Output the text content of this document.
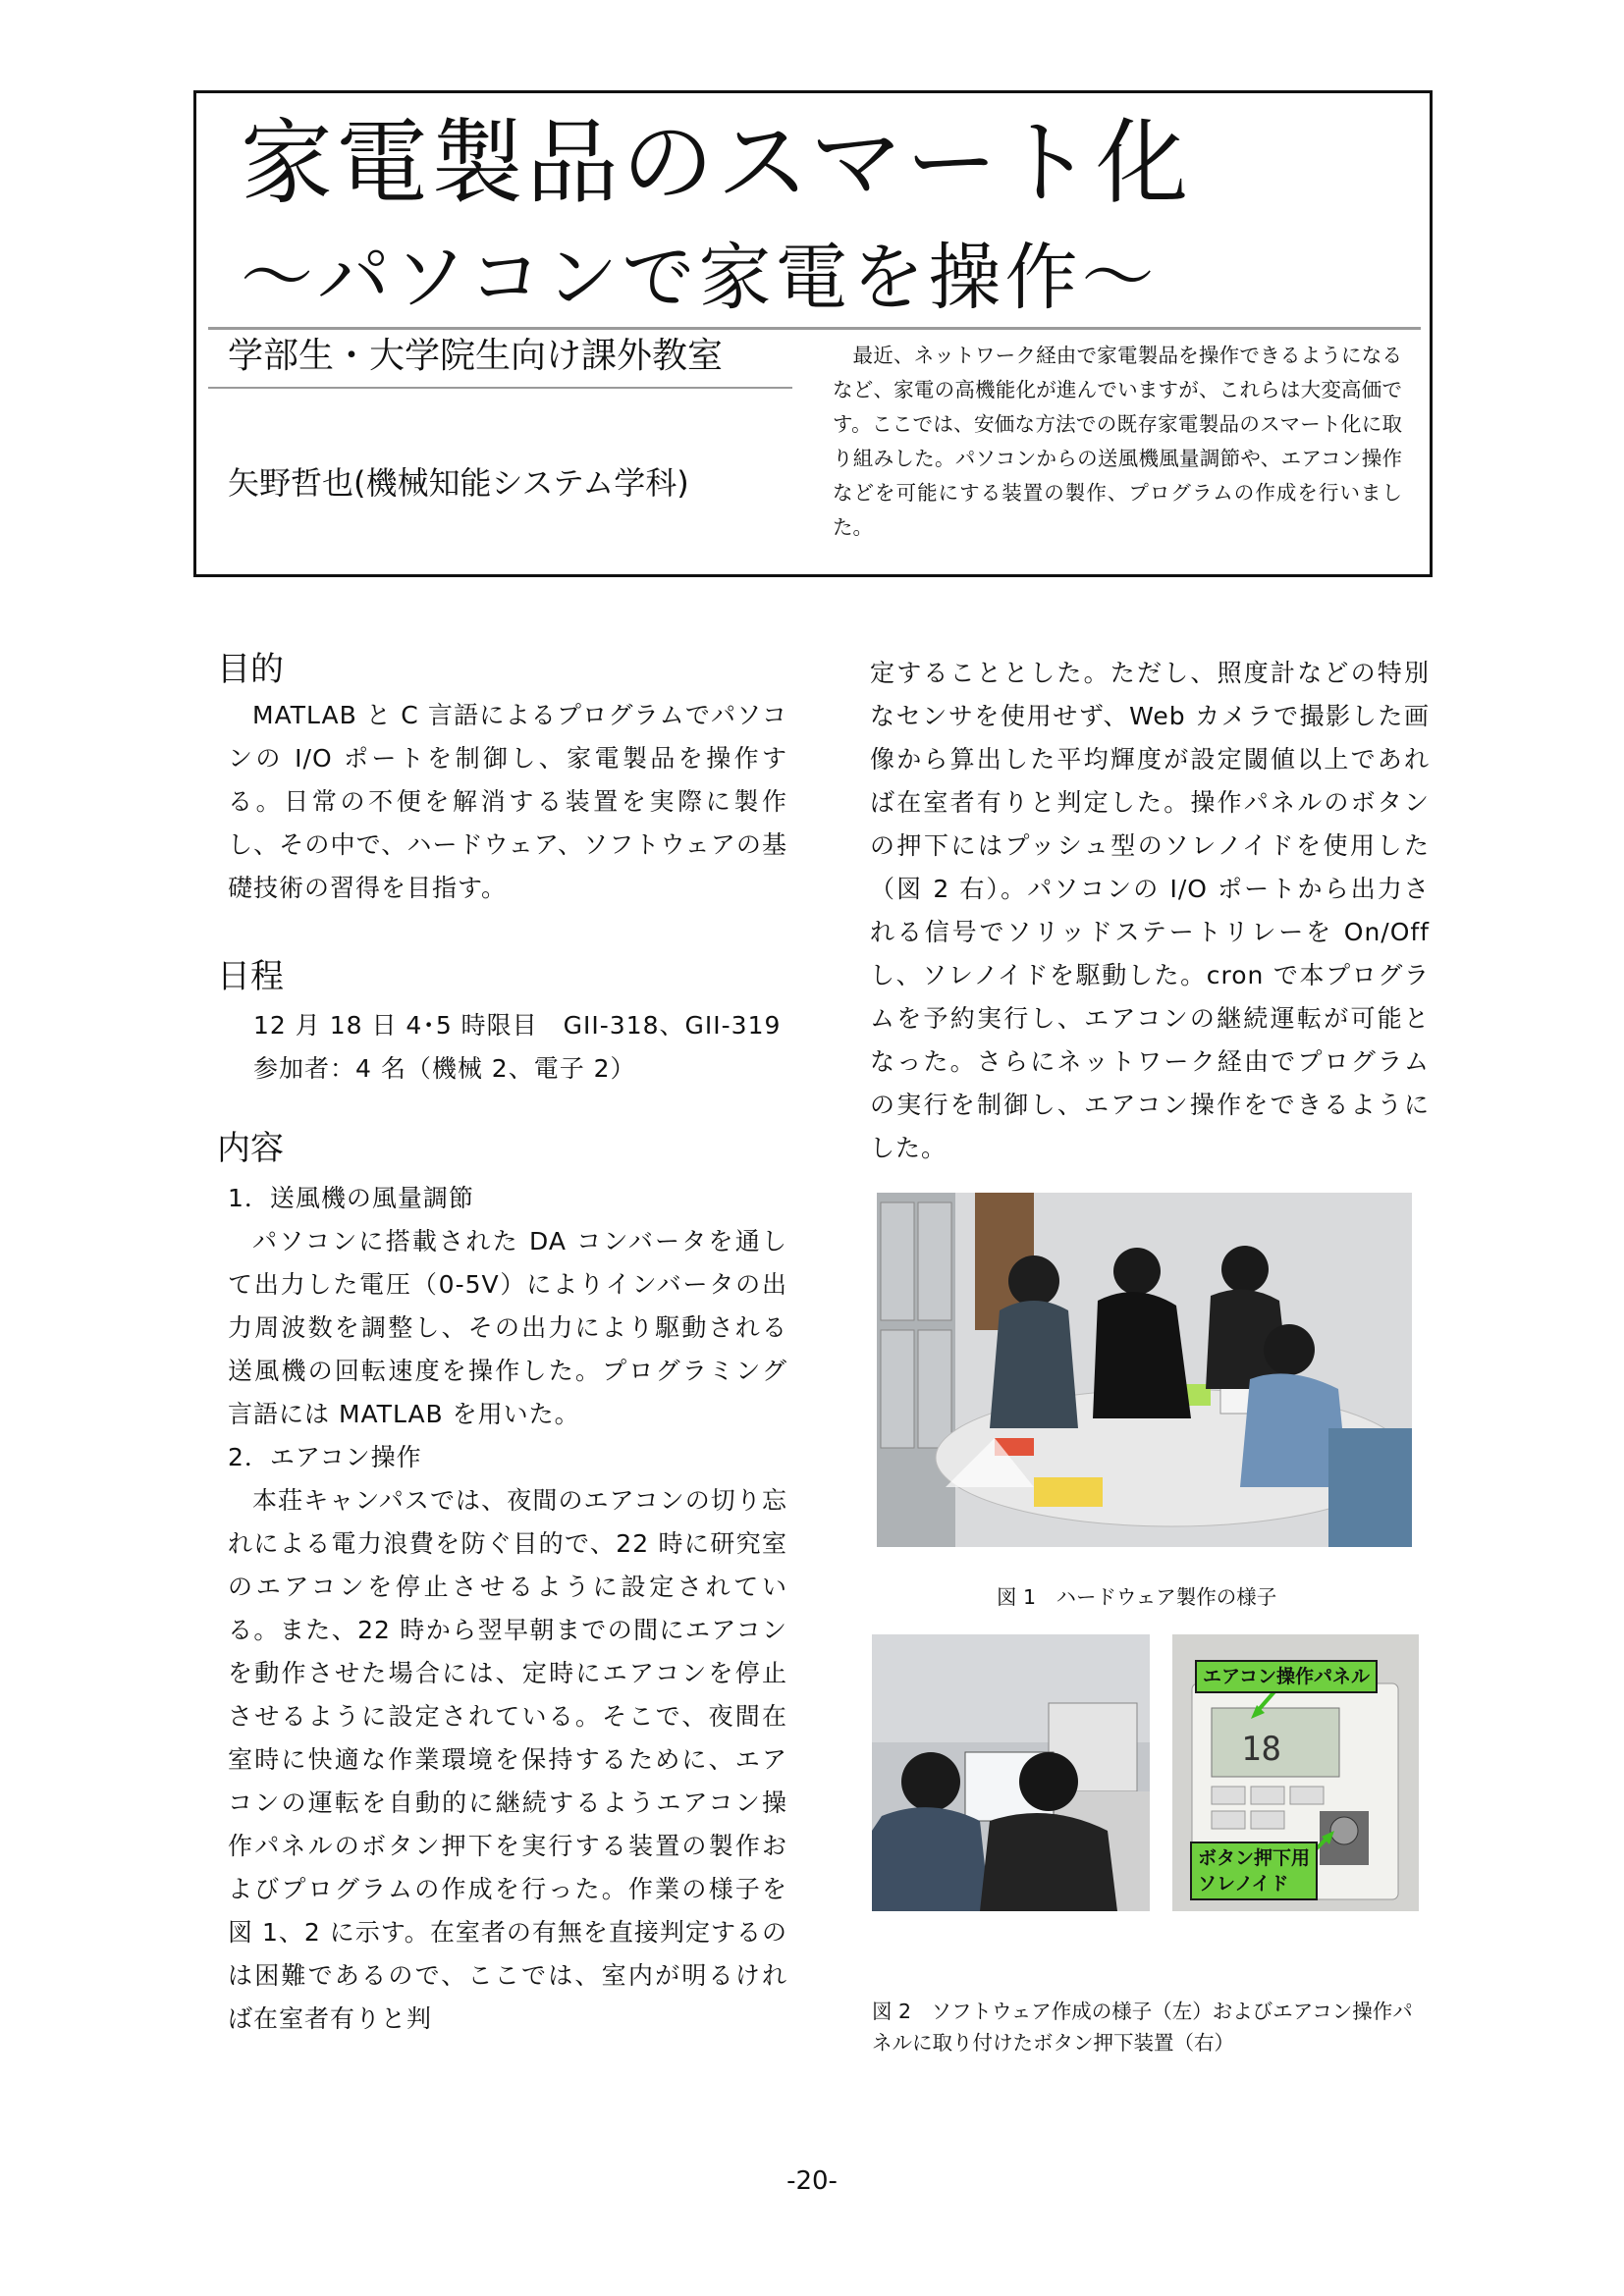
家電製品のスマート化
～パソコンで家電を操作～
学部生・大学院生向け課外教室
矢野哲也(機械知能システム学科)
最近、ネットワーク経由で家電製品を操作できるようになるなど、家電の高機能化が進んでいますが、これらは大変高価です。ここでは、安価な方法での既存家電製品のスマート化に取り組みした。パソコンからの送風機風量調節や、エアコン操作などを可能にする装置の製作、プログラムの作成を行いました。
目的
MATLAB と C 言語によるプログラムでパソコンの I/O ポートを制御し、家電製品を操作する。日常の不便を解消する装置を実際に製作し、その中で、ハードウェア、ソフトウェアの基礎技術の習得を目指す。
日程
12 月 18 日 4･5 時限目　GII-318、GII-319
参加者：4 名（機械 2、電子 2）
内容
1．送風機の風量調節
パソコンに搭載された DA コンバータを通して出力した電圧（0-5V）によりインバータの出力周波数を調整し、その出力により駆動される送風機の回転速度を操作した。プログラミング言語には MATLAB を用いた。
2．エアコン操作
本荘キャンパスでは、夜間のエアコンの切り忘れによる電力浪費を防ぐ目的で、22 時に研究室のエアコンを停止させるように設定されている。また、22 時から翌早朝までの間にエアコンを動作させた場合には、定時にエアコンを停止させるように設定されている。そこで、夜間在室時に快適な作業環境を保持するために、エアコンの運転を自動的に継続するようエアコン操作パネルのボタン押下を実行する装置の製作およびプログラムの作成を行った。作業の様子を図 1、2 に示す。在室者の有無を直接判定するのは困難であるので、ここでは、室内が明るければ在室者有りと判
定することとした。ただし、照度計などの特別なセンサを使用せず、Web カメラで撮影した画像から算出した平均輝度が設定閾値以上であれば在室者有りと判定した。操作パネルのボタンの押下にはプッシュ型のソレノイドを使用した（図 2 右）。パソコンの I/O ポートから出力される信号でソリッドステートリレーを On/Off し、ソレノイドを駆動した。cron で本プログラムを予約実行し、エアコンの継続運転が可能となった。さらにネットワーク経由でプログラムの実行を制御し、エアコン操作をできるようにした。
図 1　ハードウェア製作の様子
18
エアコン操作パネル
ボタン押下用
ソレノイド
図 2　ソフトウェア作成の様子（左）およびエアコン操作パネルに取り付けたボタン押下装置（右）
-20-
